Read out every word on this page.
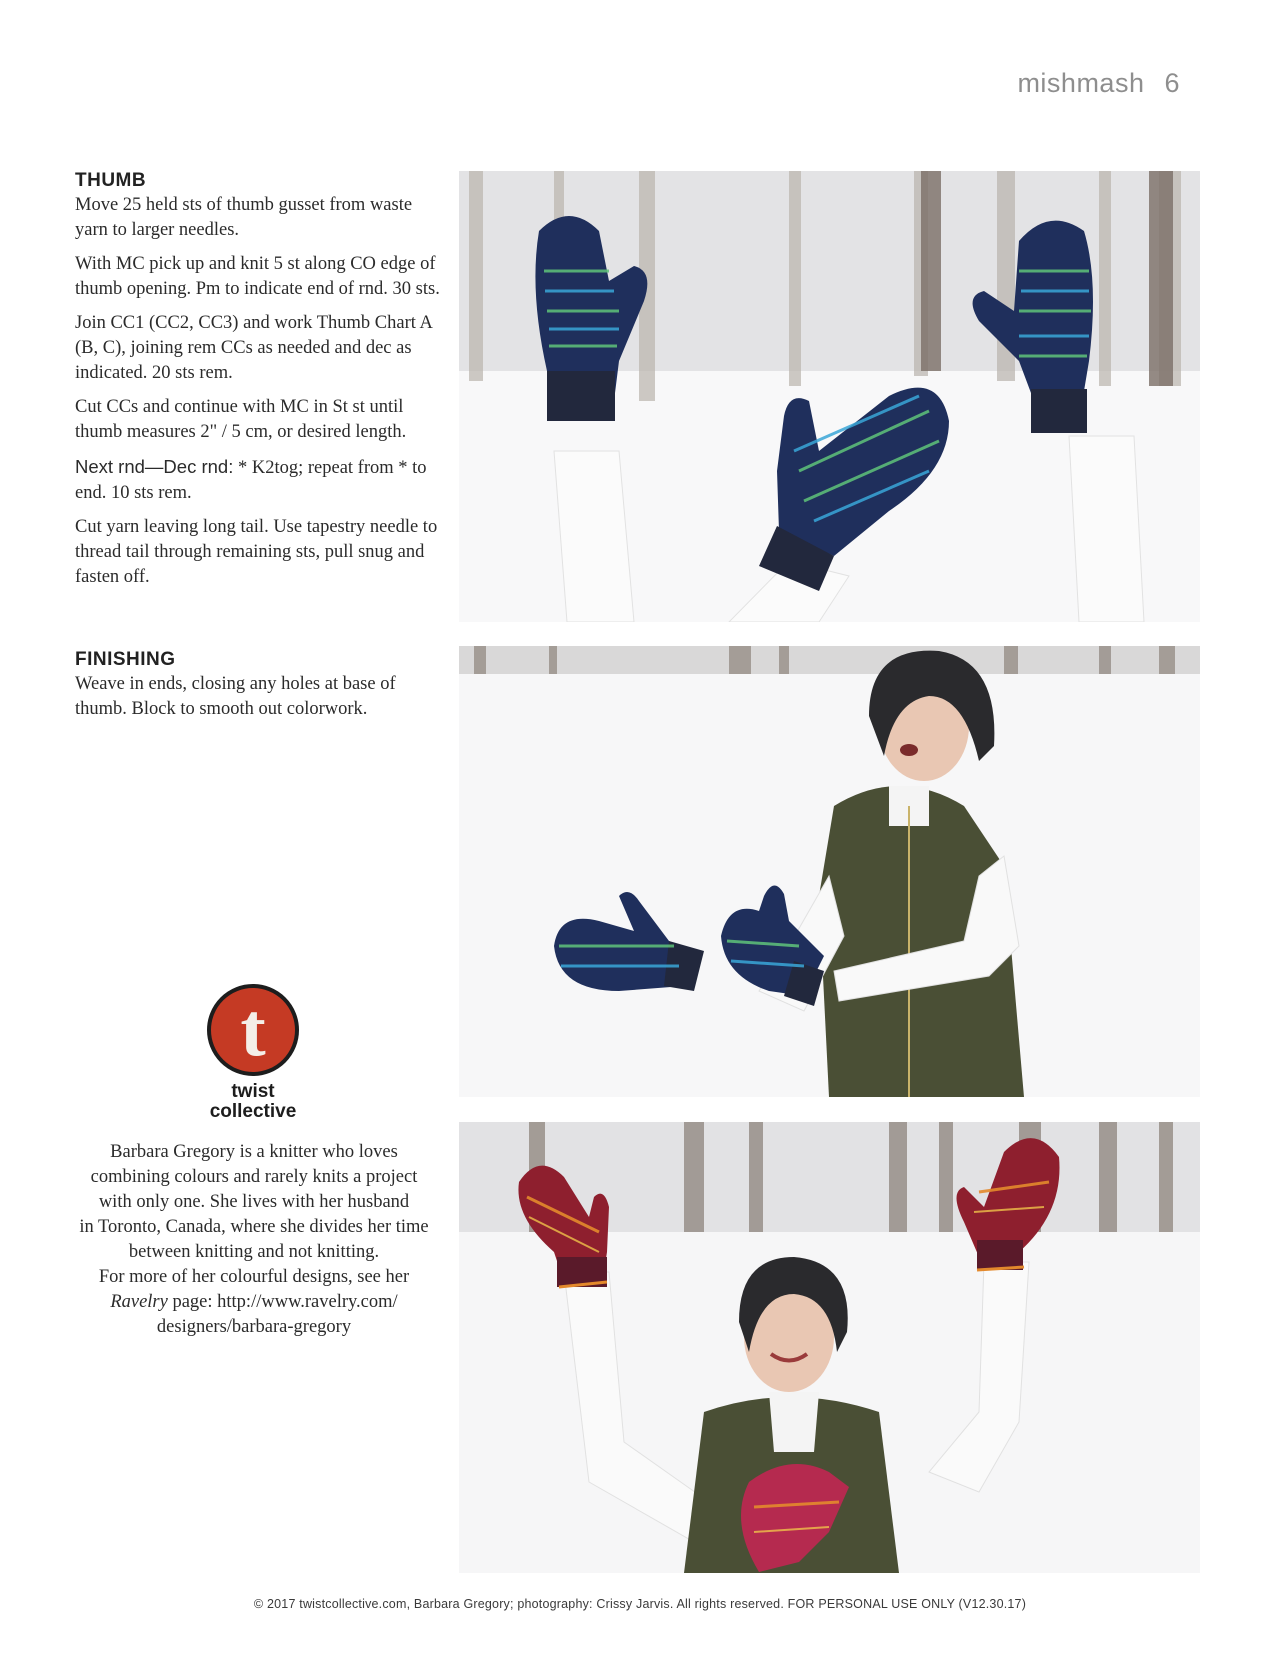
mishmash 6
THUMB

Move 25 held sts of thumb gusset from waste yarn to larger needles.

With MC pick up and knit 5 st along CO edge of thumb opening. Pm to indicate end of rnd. 30 sts.

Join CC1 (CC2, CC3) and work Thumb Chart A (B, C), joining rem CCs as needed and dec as indicated. 20 sts rem.

Cut CCs and continue with MC in St st until thumb measures 2" / 5 cm, or desired length.

Next rnd—Dec rnd: * K2tog; repeat from * to end. 10 sts rem.

Cut yarn leaving long tail. Use tapestry needle to thread tail through remaining sts, pull snug and fasten off.

FINISHING

Weave in ends, closing any holes at base of thumb. Block to smooth out colorwork.

t
twist
collective
Barbara Gregory is a knitter who loves
combining colours and rarely knits a project
with only one. She lives with her husband
in Toronto, Canada, where she divides her time
between knitting and not knitting.
For more of her colourful designs, see her
Ravelry page: http://www.ravelry.com/
designers/barbara-gregory
© 2017 twistcollective.com, Barbara Gregory; photography: Crissy Jarvis. All rights reserved. FOR PERSONAL USE ONLY (V12.30.17)
